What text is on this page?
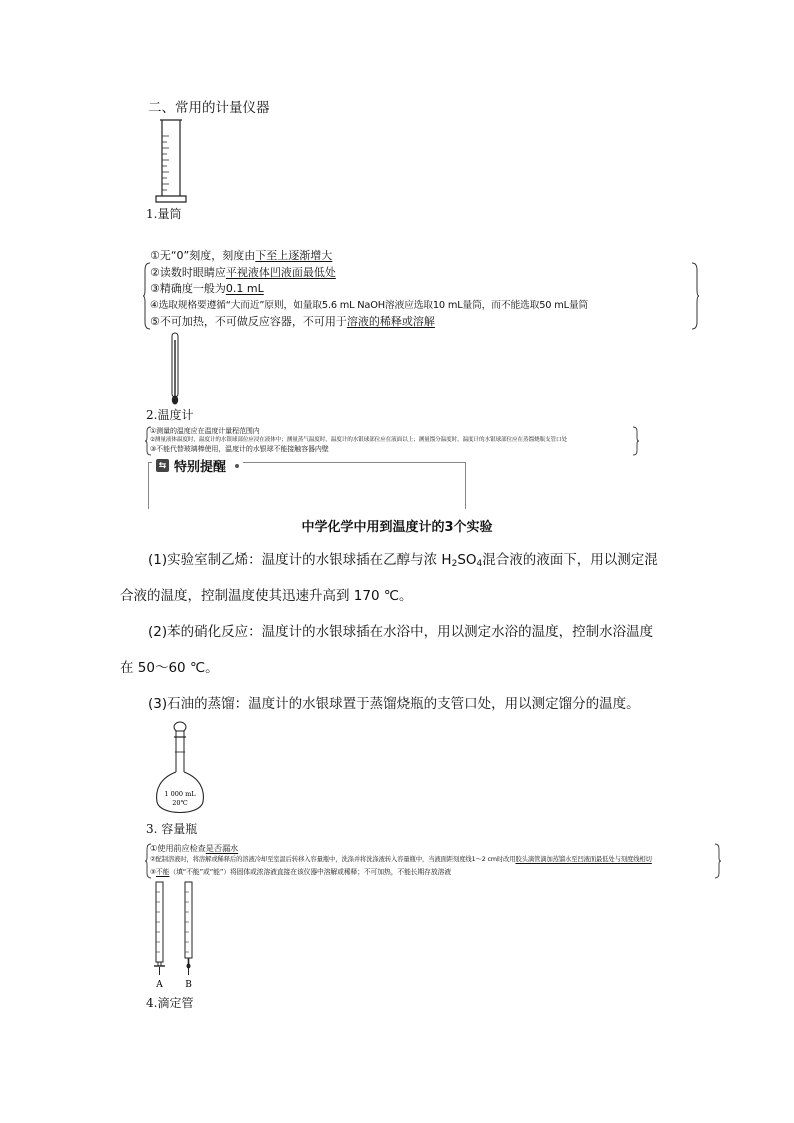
二、常用的计量仪器
1.量筒
①无“0”刻度，刻度由下至上逐渐增大
②读数时眼睛应平视液体凹液面最低处
③精确度一般为0.1 mL
④选取规格要遵循“大而近”原则，如量取5.6 mL NaOH溶液应选取10 mL量筒，而不能选取50 mL量筒
⑤不可加热，不可做反应容器，不可用于溶液的稀释或溶解
2.温度计
①测量的温度应在温度计量程范围内
②测量液体温度时，温度计的水银球部位应浸在液体中；测量蒸气温度时，温度计的水银球部位应在液面以上；测量馏分温度时，温度计的水银球部位应在蒸馏烧瓶支管口处
③不能代替玻璃棒使用，温度计的水银球不能接触容器内壁
⇆ 特别提醒
中学化学中用到温度计的3个实验
(1)实验室制乙烯：温度计的水银球插在乙醇与浓 $H_2SO_4$混合液的液面下，用以测定混
合液的温度，控制温度使其迅速升高到 170 ℃。
(2)苯的硝化反应：温度计的水银球插在水浴中，用以测定水浴的温度，控制水浴温度
在 50～60 ℃。
(3)石油的蒸馏：温度计的水银球置于蒸馏烧瓶的支管口处，用以测定馏分的温度。
1 000 mL
20℃
3. 容量瓶
①使用前应检查是否漏水
②配制溶液时，将溶解或稀释后的溶液冷却至室温后转移入容量瓶中，洗涤并将洗涤液转入容量瓶中，当液面距刻度线1～2 cm时改用胶头滴管滴加蒸馏水至凹液面最低处与刻度线相切
③不能（填“不能”或“能”）将固体或浓溶液直接在该仪器中溶解或稀释；不可加热，不能长期存放溶液
A B
4.滴定管
